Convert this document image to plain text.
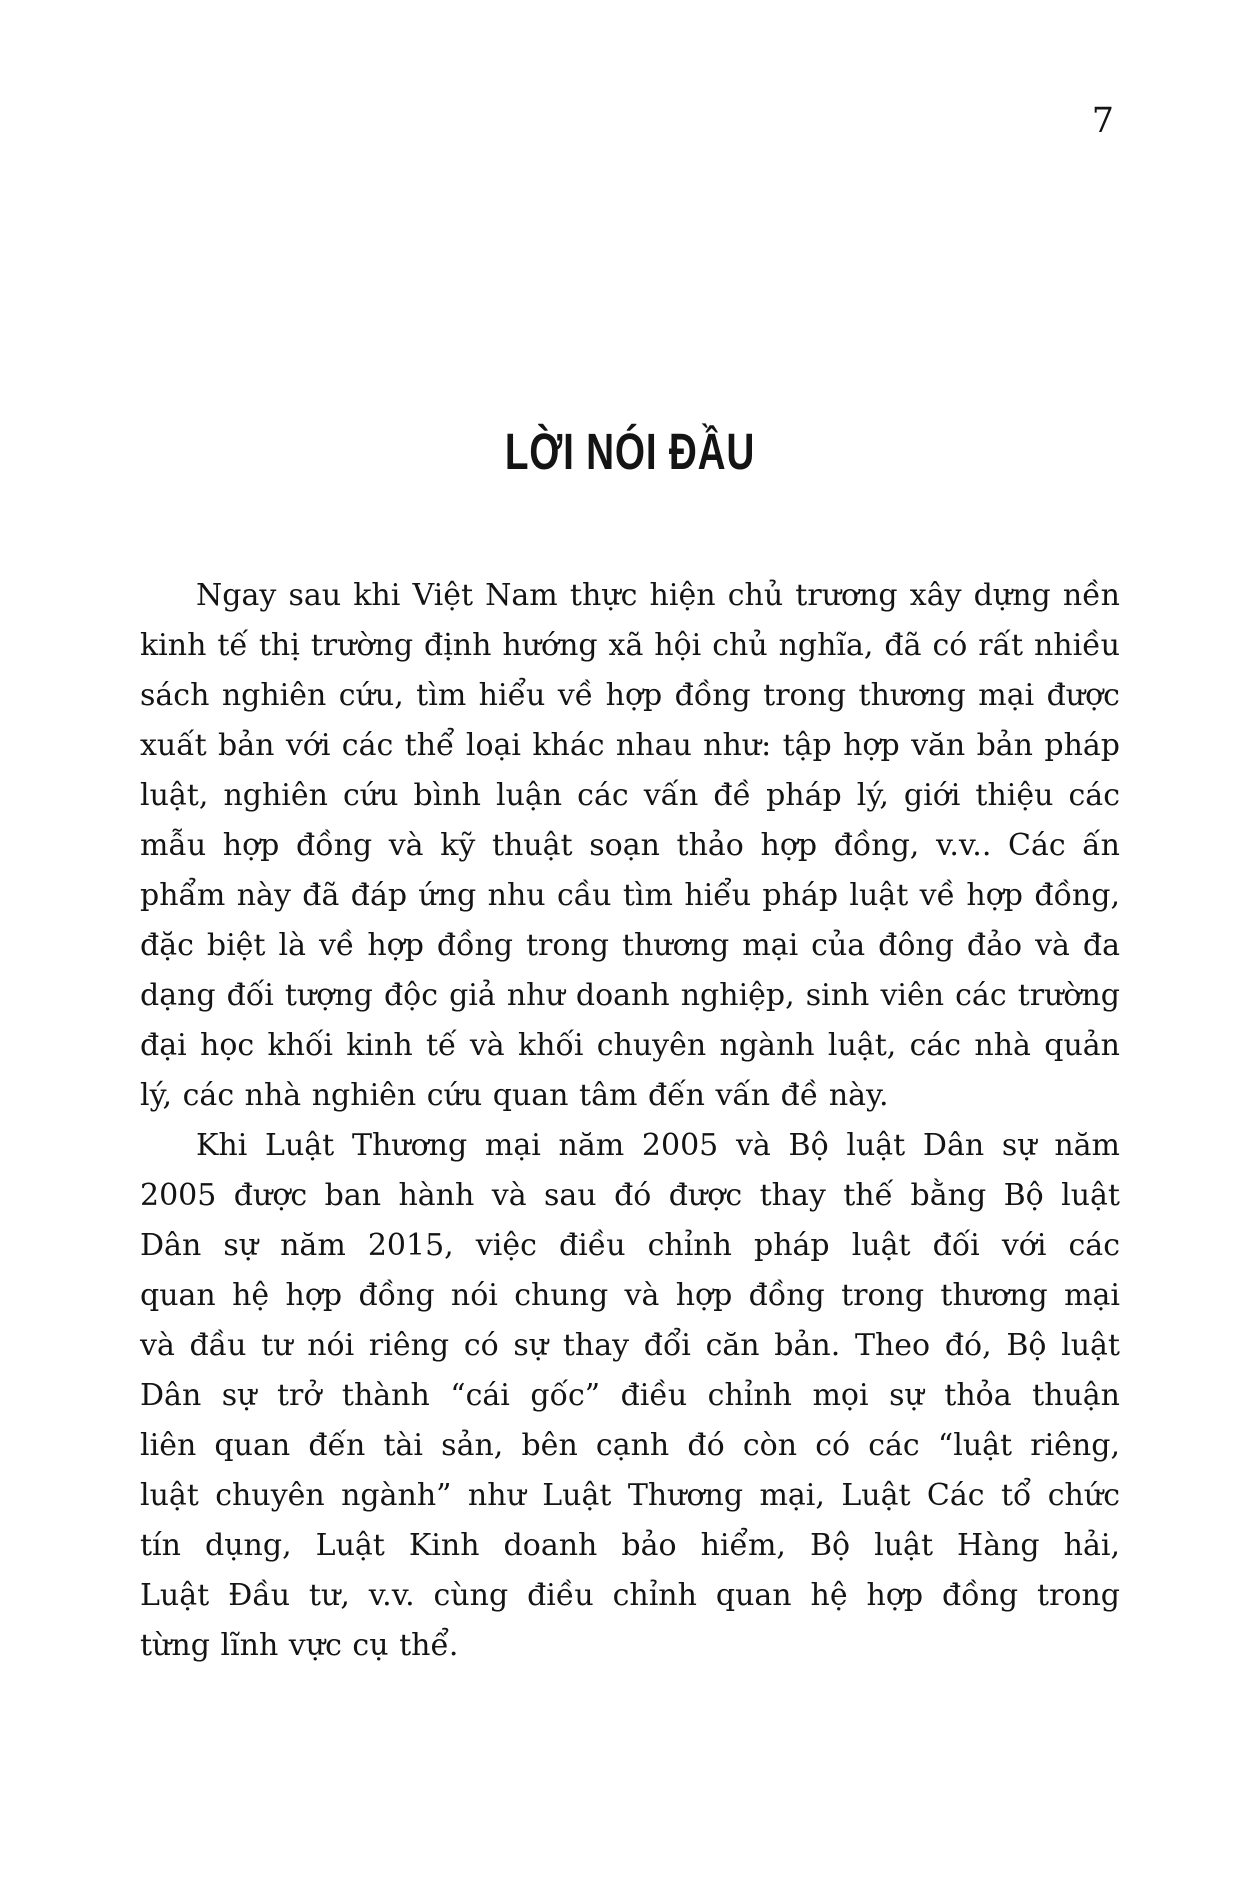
7
LỜI NÓI ĐẦU
Ngay sau khi Việt Nam thực hiện chủ trương xây dựng nền
kinh tế thị trường định hướng xã hội chủ nghĩa, đã có rất nhiều
sách nghiên cứu, tìm hiểu về hợp đồng trong thương mại được
xuất bản với các thể loại khác nhau như: tập hợp văn bản pháp
luật, nghiên cứu bình luận các vấn đề pháp lý, giới thiệu các
mẫu hợp đồng và kỹ thuật soạn thảo hợp đồng, v.v.. Các ấn
phẩm này đã đáp ứng nhu cầu tìm hiểu pháp luật về hợp đồng,
đặc biệt là về hợp đồng trong thương mại của đông đảo và đa
dạng đối tượng độc giả như doanh nghiệp, sinh viên các trường
đại học khối kinh tế và khối chuyên ngành luật, các nhà quản
lý, các nhà nghiên cứu quan tâm đến vấn đề này.
Khi Luật Thương mại năm 2005 và Bộ luật Dân sự năm
2005 được ban hành và sau đó được thay thế bằng Bộ luật
Dân sự năm 2015, việc điều chỉnh pháp luật đối với các
quan hệ hợp đồng nói chung và hợp đồng trong thương mại
và đầu tư nói riêng có sự thay đổi căn bản. Theo đó, Bộ luật
Dân sự trở thành “cái gốc” điều chỉnh mọi sự thỏa thuận
liên quan đến tài sản, bên cạnh đó còn có các “luật riêng,
luật chuyên ngành” như Luật Thương mại, Luật Các tổ chức
tín dụng, Luật Kinh doanh bảo hiểm, Bộ luật Hàng hải,
Luật Đầu tư, v.v. cùng điều chỉnh quan hệ hợp đồng trong
từng lĩnh vực cụ thể.
